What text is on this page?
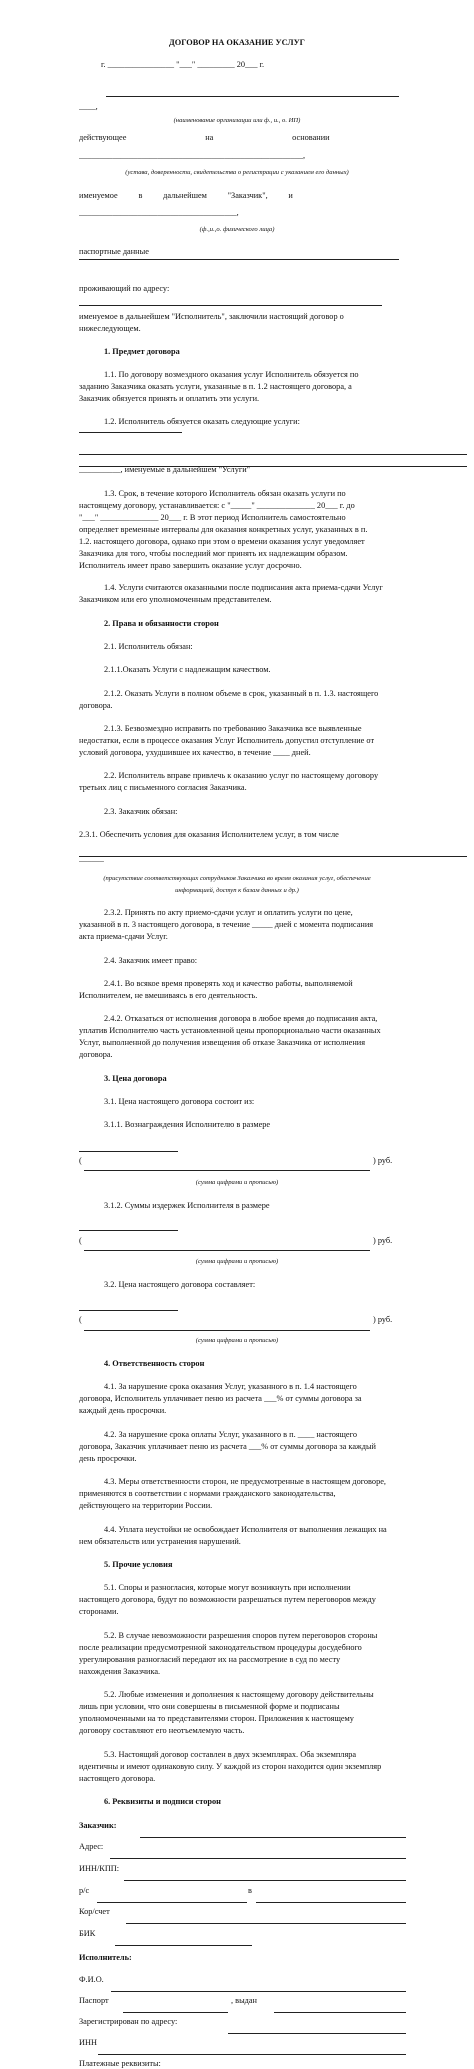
ДОГОВОР НА ОКАЗАНИЕ УСЛУГ
г. ________________ "___" _________ 20___ г.
____,
(наименование организации или ф., и., о. ИП)
действующее                                      на                                      основании
______________________________________________________,
(устава, доверенности, свидетельства о регистрации с указанием его данных)
именуемое          в          дальнейшем          "Заказчик",          и
______________________________________,
(ф.,и.,о. физического лица)
паспортные данные
проживающий по адресу:
именуемое в дальнейшем "Исполнитель", заключили настоящий договор о
нижеследующем.
1. Предмет договора
1.1. По договору возмездного оказания услуг Исполнитель обязуется по
заданию Заказчика оказать услуги, указанные в п. 1.2 настоящего договора, а
Заказчик обязуется принять и оплатить эти услуги.
1.2. Исполнитель обязуется оказать следующие услуги:
__________, именуемые в дальнейшем "Услуги"
1.3. Срок, в течение которого Исполнитель обязан оказать услуги по
настоящему договору, устанавливается: с "_____" ______________ 20___ г. до
"___" ______________ 20___ г. В этот период Исполнитель самостоятельно
определяет временные интервалы для оказания конкретных услуг, указанных в п.
1.2. настоящего договора, однако при этом о времени оказания услуг уведомляет
Заказчика для того, чтобы последний мог принять их надлежащим образом.
Исполнитель имеет право завершить оказание услуг досрочно.
1.4. Услуги считаются оказанными после подписания акта приема-сдачи Услуг
Заказчиком или его уполномоченным представителем.
2. Права и обязанности сторон
2.1. Исполнитель обязан:
2.1.1.Оказать Услуги с надлежащим качеством.
2.1.2. Оказать Услуги в полном объеме в срок, указанный в п. 1.3. настоящего
договора.
2.1.3. Безвозмездно исправить по требованию Заказчика все выявленные
недостатки, если в процессе оказания Услуг Исполнитель допустил отступление от
условий договора, ухудшившее их качество, в течение ____ дней.
2.2. Исполнитель вправе привлечь к оказанию услуг по настоящему договору
третьих лиц с письменного согласия Заказчика.
2.3. Заказчик обязан:
2.3.1. Обеспечить условия для оказания Исполнителем услуг, в том числе
______
(присутствие соответствующих сотрудников Заказчика во время оказания услуг, обеспечение
информацией, доступ к базам данных и др.)
2.3.2. Принять по акту приемо-сдачи услуг и оплатить услуги по цене,
указанной в п. 3 настоящего договора, в течение _____ дней с момента подписания
акта приема-сдачи Услуг.
2.4. Заказчик имеет право:
2.4.1. Во всякое время проверять ход и качество работы, выполняемой
Исполнителем, не вмешиваясь в его деятельность.
2.4.2. Отказаться от исполнения договора в любое время до подписания акта,
уплатив Исполнителю часть установленной цены пропорционально части оказанных
Услуг, выполненной до получения извещения об отказе Заказчика от исполнения
договора.
3. Цена договора
3.1. Цена настоящего договора состоит из:
3.1.1. Вознаграждения Исполнителю в размере
(	) руб.
(сумма цифрами и прописью)
3.1.2. Суммы издержек Исполнителя в размере
(	) руб.
(сумма цифрами и прописью)
3.2. Цена настоящего договора составляет:
(	) руб.
(сумма цифрами и прописью)
4. Ответственность сторон
4.1. За нарушение срока оказания Услуг, указанного в п. 1.4 настоящего
договора, Исполнитель уплачивает пеню из расчета ___% от суммы договора за
каждый день просрочки.
4.2. За нарушение срока оплаты Услуг, указанного в п. ____ настоящего
договора, Заказчик уплачивает пеню из расчета ___% от суммы договора за каждый
день просрочки.
4.3. Меры ответственности сторон, не предусмотренные в настоящем договоре,
применяются в соответствии с нормами гражданского законодательства,
действующего на территории России.
4.4. Уплата неустойки не освобождает Исполнителя от выполнения лежащих на
нем обязательств или устранения нарушений.
5. Прочие условия
5.1. Споры и разногласия, которые могут возникнуть при исполнении
настоящего договора, будут по возможности разрешаться путем переговоров между
сторонами.
5.2. В случае невозможности разрешения споров путем переговоров стороны
после реализации предусмотренной законодательством процедуры досудебного
урегулирования разногласий передают их на рассмотрение в суд по месту
нахождения Заказчика.
5.2. Любые изменения и дополнения к настоящему договору действительны
лишь при условии, что они совершены в письменной форме и подписаны
уполномоченными на то представителями сторон. Приложения к настоящему
договору составляют его неотъемлемую часть.
5.3. Настоящий договор составлен в двух экземплярах. Оба экземпляра
идентичны и имеют одинаковую силу. У каждой из сторон находится один экземпляр
настоящего договора.
6. Реквизиты и подписи сторон
Заказчик:
Адрес:
ИНН/КПП:
р/с	в
Кор/счет
БИК
Исполнитель:
Ф.И.О.
Паспорт	, выдан
Зарегистрирован по адресу:
ИНН
Платежные реквизиты:
